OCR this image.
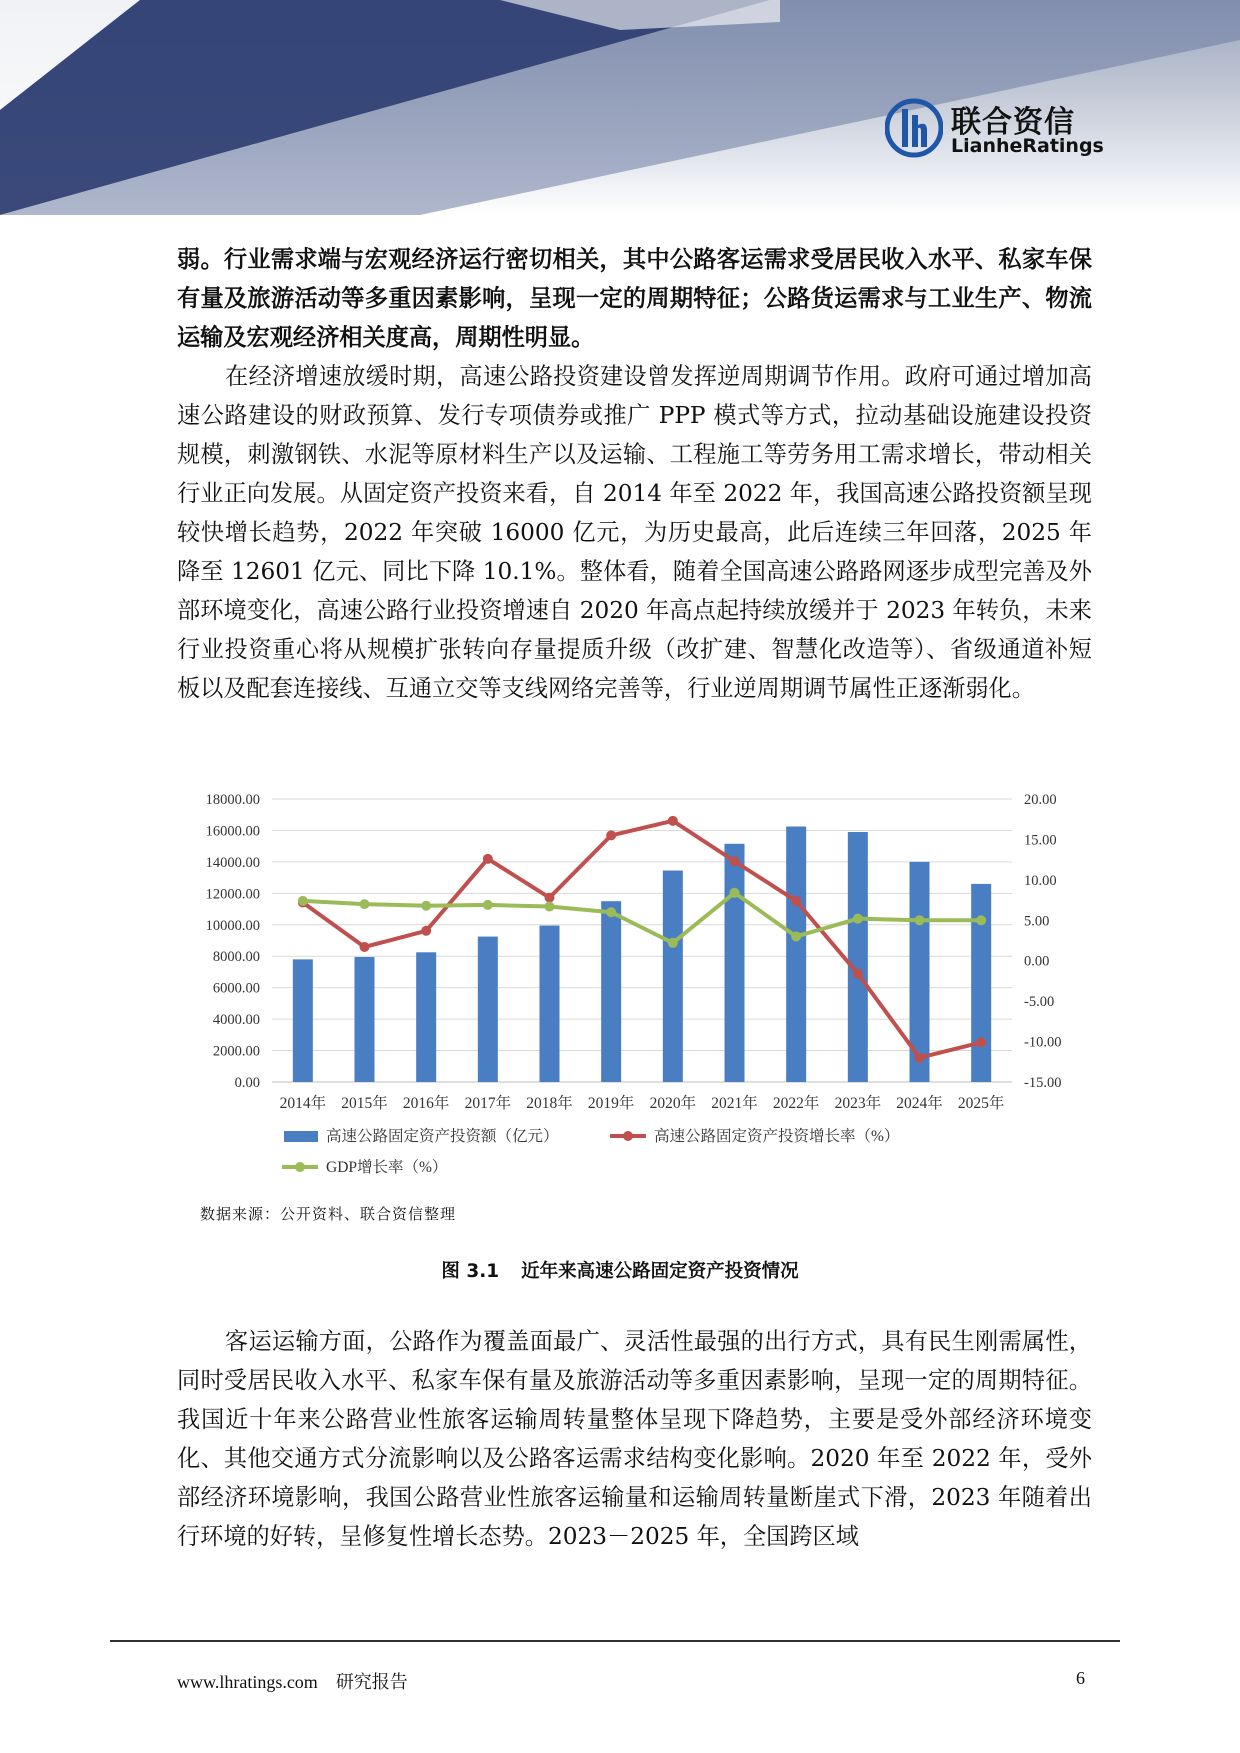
联合资信
LianheRatings

弱。行业需求端与宏观经济运行密切相关，其中公路客运需求受居民收入水平、私家车保有量及旅游活动等多重因素影响，呈现一定的周期特征；公路货运需求与工业生产、物流运输及宏观经济相关度高，周期性明显。

在经济增速放缓时期，高速公路投资建设曾发挥逆周期调节作用。政府可通过增加高速公路建设的财政预算、发行专项债券或推广 PPP 模式等方式，拉动基础设施建设投资规模，刺激钢铁、水泥等原材料生产以及运输、工程施工等劳务用工需求增长，带动相关行业正向发展。从固定资产投资来看，自 2014 年至 2022 年，我国高速公路投资额呈现较快增长趋势，2022 年突破 16000 亿元，为历史最高，此后连续三年回落，2025 年降至 12601 亿元、同比下降 10.1%。整体看，随着全国高速公路路网逐步成型完善及外部环境变化，高速公路行业投资增速自 2020 年高点起持续放缓并于 2023 年转负，未来行业投资重心将从规模扩张转向存量提质升级（改扩建、智慧化改造等）、省级通道补短板以及配套连接线、互通立交等支线网络完善等，行业逆周期调节属性正逐渐弱化。

18000.00
16000.00
14000.00
12000.00
10000.00
8000.00
6000.00
4000.00
2000.00
0.00
20.00
15.00
10.00
5.00
0.00
-5.00
-10.00
-15.00
2014年 2015年 2016年 2017年 2018年 2019年 2020年 2021年 2022年 2023年 2024年 2025年
高速公路固定资产投资额（亿元）	高速公路固定资产投资增长率（%）
GDP增长率（%）
数据来源：公开资料、联合资信整理
图 3.1 近年来高速公路固定资产投资情况

客运运输方面，公路作为覆盖面最广、灵活性最强的出行方式，具有民生刚需属性，同时受居民收入水平、私家车保有量及旅游活动等多重因素影响，呈现一定的周期特征。我国近十年来公路营业性旅客运输周转量整体呈现下降趋势，主要是受外部经济环境变化、其他交通方式分流影响以及公路客运需求结构变化影响。2020 年至 2022 年，受外部经济环境影响，我国公路营业性旅客运输量和运输周转量断崖式下滑，2023 年随着出行环境的好转，呈修复性增长态势。2023－2025 年，全国跨区域

www.lhratings.com 研究报告	6
